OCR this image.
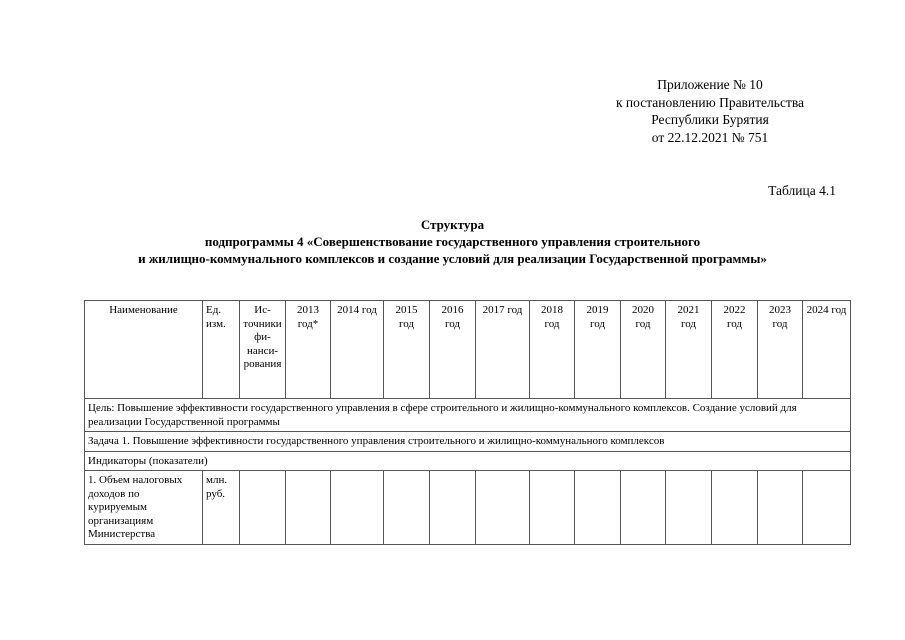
Приложение № 10
к постановлению Правительства
Республики Бурятия
от 22.12.2021 № 751
Таблица 4.1
Структура
подпрограммы 4 «Совершенствование государственного управления строительного
и жилищно-коммунального комплексов и создание условий для реализации Государственной программы»
Наименование	Ед. изм.	Источники финансирования	2013 год*	2014 год	2015 год	2016 год	2017 год	2018 год	2019 год	2020 год	2021 год	2022 год	2023 год	2024 год
Цель: Повышение эффективности государственного управления в сфере строительного и жилищно-коммунального комплексов. Создание условий для реализации Государственной программы														
Задача 1. Повышение эффективности государственного управления строительного и жилищно-коммунального комплексов														
Индикаторы (показатели)														
1. Объем налоговых доходов по курируемым организациям Министерства	млн. руб.													
